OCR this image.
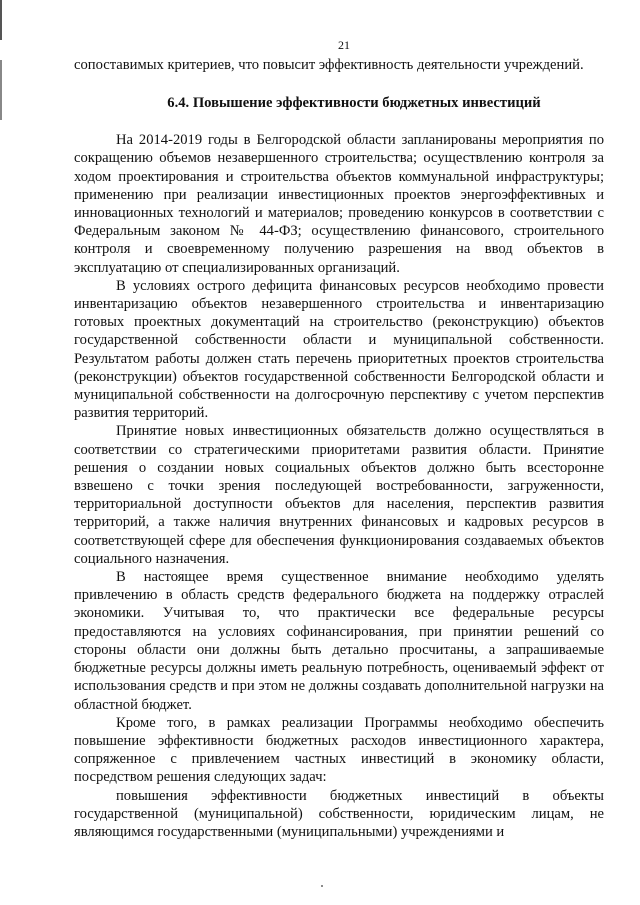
21

сопоставимых критериев, что повысит эффективность деятельности учреждений.

6.4. Повышение эффективности бюджетных инвестиций

На 2014-2019 годы в Белгородской области запланированы мероприятия по сокращению объемов незавершенного строительства; осуществлению контроля за ходом проектирования и строительства объектов коммунальной инфраструктуры; применению при реализации инвестиционных проектов энергоэффективных и инновационных технологий и материалов; проведению конкурсов в соответствии с Федеральным законом № 44-ФЗ; осуществлению финансового, строительного контроля и своевременному получению разрешения на ввод объектов в эксплуатацию от специализированных организаций.

В условиях острого дефицита финансовых ресурсов необходимо провести инвентаризацию объектов незавершенного строительства и инвентаризацию готовых проектных документаций на строительство (реконструкцию) объектов государственной собственности области и муниципальной собственности. Результатом работы должен стать перечень приоритетных проектов строительства (реконструкции) объектов государственной собственности Белгородской области и муниципальной собственности на долгосрочную перспективу с учетом перспектив развития территорий.

Принятие новых инвестиционных обязательств должно осуществляться в соответствии со стратегическими приоритетами развития области. Принятие решения о создании новых социальных объектов должно быть всесторонне взвешено с точки зрения последующей востребованности, загруженности, территориальной доступности объектов для населения, перспектив развития территорий, а также наличия внутренних финансовых и кадровых ресурсов в соответствующей сфере для обеспечения функционирования создаваемых объектов социального назначения.

В настоящее время существенное внимание необходимо уделять привлечению в область средств федерального бюджета на поддержку отраслей экономики. Учитывая то, что практически все федеральные ресурсы предоставляются на условиях софинансирования, при принятии решений со стороны области они должны быть детально просчитаны, а запрашиваемые бюджетные ресурсы должны иметь реальную потребность, оцениваемый эффект от использования средств и при этом не должны создавать дополнительной нагрузки на областной бюджет.

Кроме того, в рамках реализации Программы необходимо обеспечить повышение эффективности бюджетных расходов инвестиционного характера, сопряженное с привлечением частных инвестиций в экономику области, посредством решения следующих задач:

повышения эффективности бюджетных инвестиций в объекты государственной (муниципальной) собственности, юридическим лицам, не являющимся государственными (муниципальными) учреждениями и
